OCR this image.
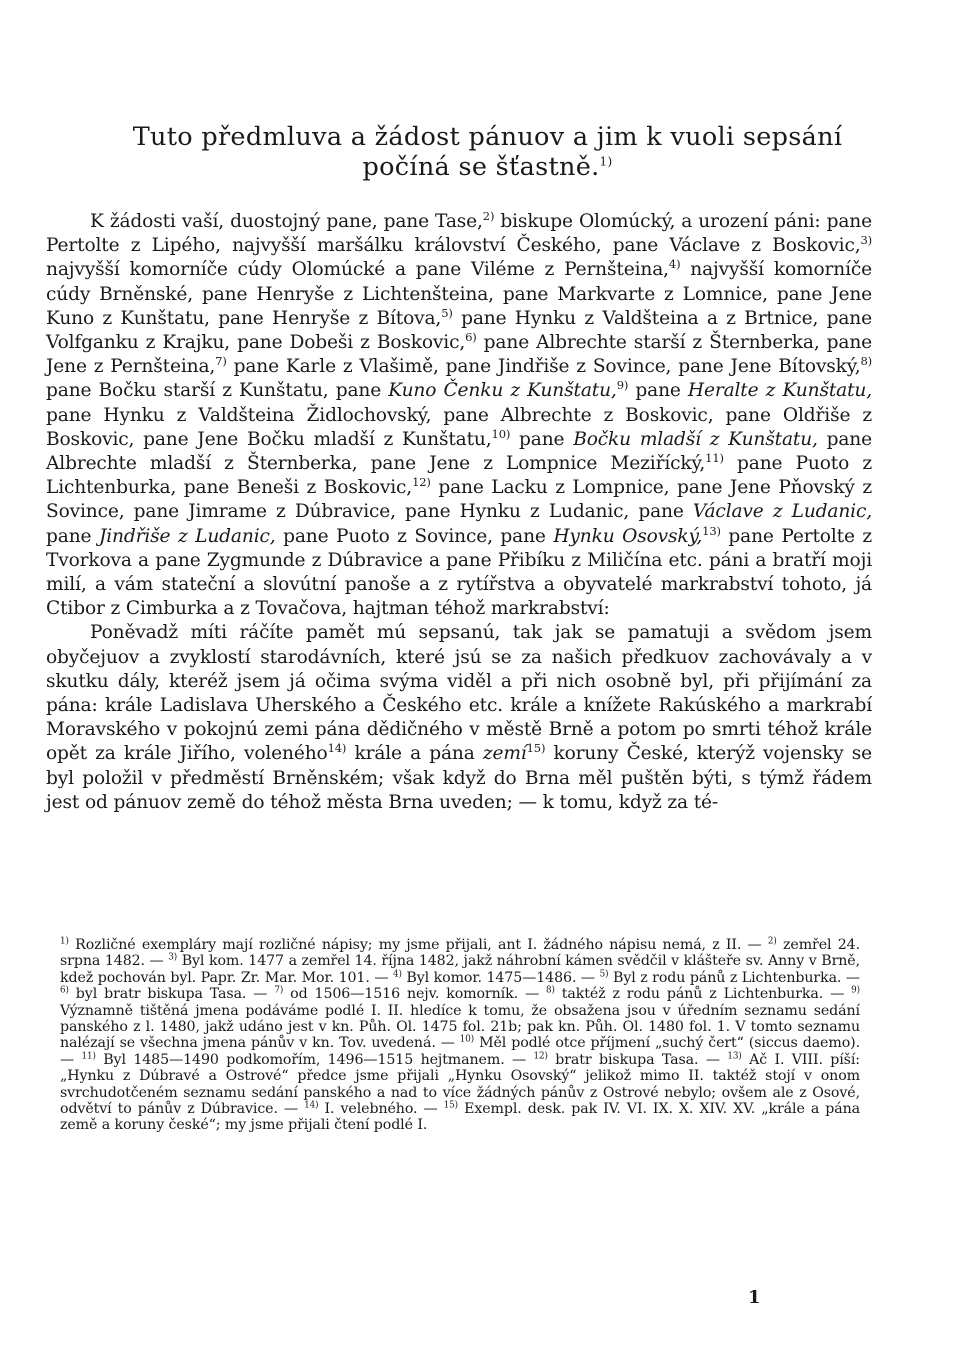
Tuto předmluva a žádost pánuov a jim k vuoli sepsání
počíná se šťastně.$^{1)}$

K žádosti vaší, duostojný pane, pane Tase,$^{2)}$ biskupe Olomúcký, a urození páni: pane Pertolte z Lipého, najvyšší maršálku království Českého, pane Václave z Boskovic,$^{3)}$ najvyšší komorníče cúdy Olomúcké a pane Viléme z Pernšteina,$^{4)}$ najvyšší komorníče cúdy Brněnské, pane Henryše z Lichtenšteina, pane Markvarte z Lomnice, pane Jene Kuno z Kunštatu, pane Henryše z Bítova,$^{5)}$ pane Hynku z Valdšteina a z Brtnice, pane Volfganku z Krajku, pane Dobeši z Boskovic,$^{6)}$ pane Albrechte starší z Šternberka, pane Jene z Pernšteina,$^{7)}$ pane Karle z Vlašimě, pane Jindřiše z Sovince, pane Jene Bítovský,$^{8)}$ pane Bočku starší z Kunštatu, pane Kuno Čenku z Kunštatu,$^{9)}$ pane Heralte z Kunštatu, pane Hynku z Valdšteina Židlochovský, pane Albrechte z Boskovic, pane Oldřiše z Boskovic, pane Jene Bočku mladší z Kunštatu,$^{10)}$ pane Bočku mladší z Kunštatu, pane Albrechte mladší z Šternberka, pane Jene z Lompnice Meziřícký,$^{11)}$ pane Puoto z Lichtenburka, pane Beneši z Boskovic,$^{12)}$ pane Lacku z Lompnice, pane Jene Pňovský z Sovince, pane Jimrame z Dúbravice, pane Hynku z Ludanic, pane Václave z Ludanic, pane Jindřiše z Ludanic, pane Puoto z Sovince, pane Hynku Osovský,$^{13)}$ pane Pertolte z Tvorkova a pane Zygmunde z Dúbravice a pane Přibíku z Miličína etc. páni a bratří moji milí, a vám stateční a slovútní panoše a z rytířstva a obyvatelé markrabství tohoto, já Ctibor z Cimburka a z Tovačova, hajtman téhož markrabství:

Poněvadž míti ráčíte pamět mú sepsanú, tak jak se pamatuji a svědom jsem obyčejuov a zvyklostí starodávních, které jsú se za našich předkuov zachovávaly a v skutku dály, kteréž jsem já očima svýma viděl a při nich osobně byl, při přijímání za pána: krále Ladislava Uherského a Českého etc. krále a knížete Rakúského a markrabí Moravského v pokojnú zemi pána dědičného v městě Brně a potom po smrti téhož krále opět za krále Jiřího, voleného$^{14)}$ krále a pána zemí$^{15)}$ koruny České, kterýž vojensky se byl položil v předměstí Brněnském; však když do Brna měl puštěn býti, s týmž řádem jest od pánuov země do téhož města Brna uveden; — k tomu, když za té-

$^{1)}$ Rozličné exempláry mají rozličné nápisy; my jsme přijali, ant I. žádného nápisu nemá, z II. — $^{2)}$ zemřel 24. srpna 1482. — $^{3)}$ Byl kom. 1477 a zemřel 14. října 1482, jakž náhrobní kámen svědčil v klášteře sv. Anny v Brně, kdež pochován byl. Papr. Zr. Mar. Mor. 101. — $^{4)}$ Byl komor. 1475—1486. — $^{5)}$ Byl z rodu pánů z Lichtenburka. — $^{6)}$ byl bratr biskupa Tasa. — $^{7)}$ od 1506—1516 nejv. komorník. — $^{8)}$ taktéž z rodu pánů z Lichtenburka. — $^{9)}$ Významně tištěná jmena podáváme podlé I. II. hledíce k tomu, že obsažena jsou v úředním seznamu sedání panského z l. 1480, jakž udáno jest v kn. Půh. Ol. 1475 fol. 21b; pak kn. Půh. Ol. 1480 fol. 1. V tomto seznamu nalézají se všechna jmena pánův v kn. Tov. uvedená. — $^{10)}$ Měl podlé otce příjmení „suchý čert“ (siccus daemo). — $^{11)}$ Byl 1485—1490 podkomořím, 1496—1515 hejtmanem. — $^{12)}$ bratr biskupa Tasa. — $^{13)}$ Ač I. VIII. píší: „Hynku z Dúbravé a Ostrové“ předce jsme přijali „Hynku Osovský“ jelikož mimo II. taktéž stojí v onom svrchudotčeném seznamu sedání panského a nad to více žádných pánův z Ostrové nebylo; ovšem ale z Osové, odvětví to pánův z Dúbravice. — $^{14)}$ I. velebného. — $^{15)}$ Exempl. desk. pak IV. VI. IX. X. XIV. XV. „krále a pána země a koruny české“; my jsme přijali čtení podlé I.

1
